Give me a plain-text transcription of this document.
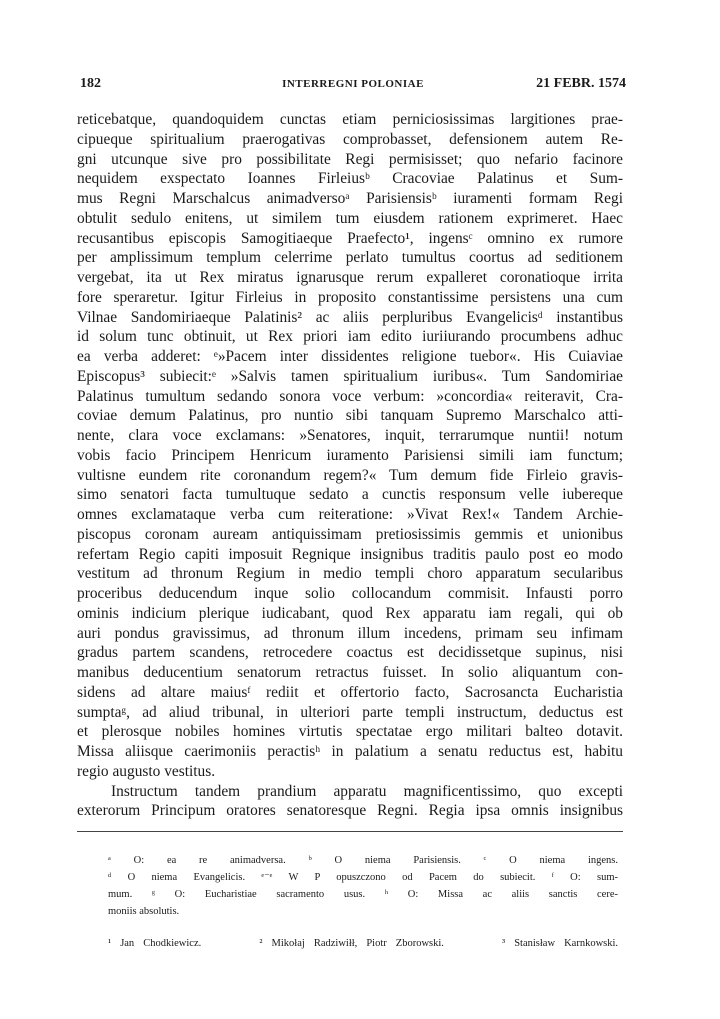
182	INTERREGNI POLONIAE	21 FEBR. 1574
reticebatque, quandoquidem cunctas etiam perniciosissimas largitiones prae-
cipueque spiritualium praerogativas comprobasset, defensionem autem Re-
gni utcunque sive pro possibilitate Regi permisisset; quo nefario facinore
nequidem exspectato Ioannes Firleiusᵇ Cracoviae Palatinus et Sum-
mus Regni Marschalcus animadversoᵃ Parisiensisᵇ iuramenti formam Regi
obtulit sedulo enitens, ut similem tum eiusdem rationem exprimeret. Haec
recusantibus episcopis Samogitiaeque Praefecto¹, ingensᶜ omnino ex rumore
per amplissimum templum celerrime perlato tumultus coortus ad seditionem
vergebat, ita ut Rex miratus ignarusque rerum expalleret coronatioque irrita
fore speraretur. Igitur Firleius in proposito constantissime persistens una cum
Vilnae Sandomiriaeque Palatinis² ac aliis perpluribus Evangelicisᵈ instantibus
id solum tunc obtinuit, ut Rex priori iam edito iuriiurando procumbens adhuc
ea verba adderet: ᵉ»Pacem inter dissidentes religione tuebor«. His Cuiaviae
Episcopus³ subiecit:ᵉ »Salvis tamen spiritualium iuribus«. Tum Sandomiriae
Palatinus tumultum sedando sonora voce verbum: »concordia« reiteravit, Cra-
coviae demum Palatinus, pro nuntio sibi tanquam Supremo Marschalco atti-
nente, clara voce exclamans: »Senatores, inquit, terrarumque nuntii! notum
vobis facio Principem Henricum iuramento Parisiensi simili iam functum;
vultisne eundem rite coronandum regem?« Tum demum fide Firleio gravis-
simo senatori facta tumultuque sedato a cunctis responsum velle iubereque
omnes exclamataque verba cum reiteratione: »Vivat Rex!« Tandem Archie-
piscopus coronam auream antiquissimam pretiosissimis gemmis et unionibus
refertam Regio capiti imposuit Regnique insignibus traditis paulo post eo modo
vestitum ad thronum Regium in medio templi choro apparatum secularibus
proceribus deducendum inque solio collocandum commisit. Infausti porro
ominis indicium plerique iudicabant, quod Rex apparatu iam regali, qui ob
auri pondus gravissimus, ad thronum illum incedens, primam seu infimam
gradus partem scandens, retrocedere coactus est decidissetque supinus, nisi
manibus deducentium senatorum retractus fuisset. In solio aliquantum con-
sidens ad altare maiusᶠ rediit et offertorio facto, Sacrosancta Eucharistia
sumptaᵍ, ad aliud tribunal, in ulteriori parte templi instructum, deductus est
et plerosque nobiles homines virtutis spectatae ergo militari balteo dotavit.
Missa aliisque caerimoniis peractisʰ in palatium a senatu reductus est, habitu
regio augusto vestitus.
Instructum tandem prandium apparatu magnificentissimo, quo excepti
exterorum Principum oratores senatoresque Regni. Regia ipsa omnis insignibus
ᵃ O: ea re animadversa. ᵇ O niema Parisiensis. ᶜ O niema ingens.
ᵈ O niema Evangelicis. ᵉ⁻ᵉ W P opuszczono od Pacem do subiecit. ᶠ O: sum-
mum. ᵍ O: Eucharistiae sacramento usus. ʰ O: Missa ac aliis sanctis cere-
moniis absolutis.
¹ Jan Chodkiewicz.	² Mikołaj Radziwiłł, Piotr Zborowski.	³ Stanisław Karnkowski.
